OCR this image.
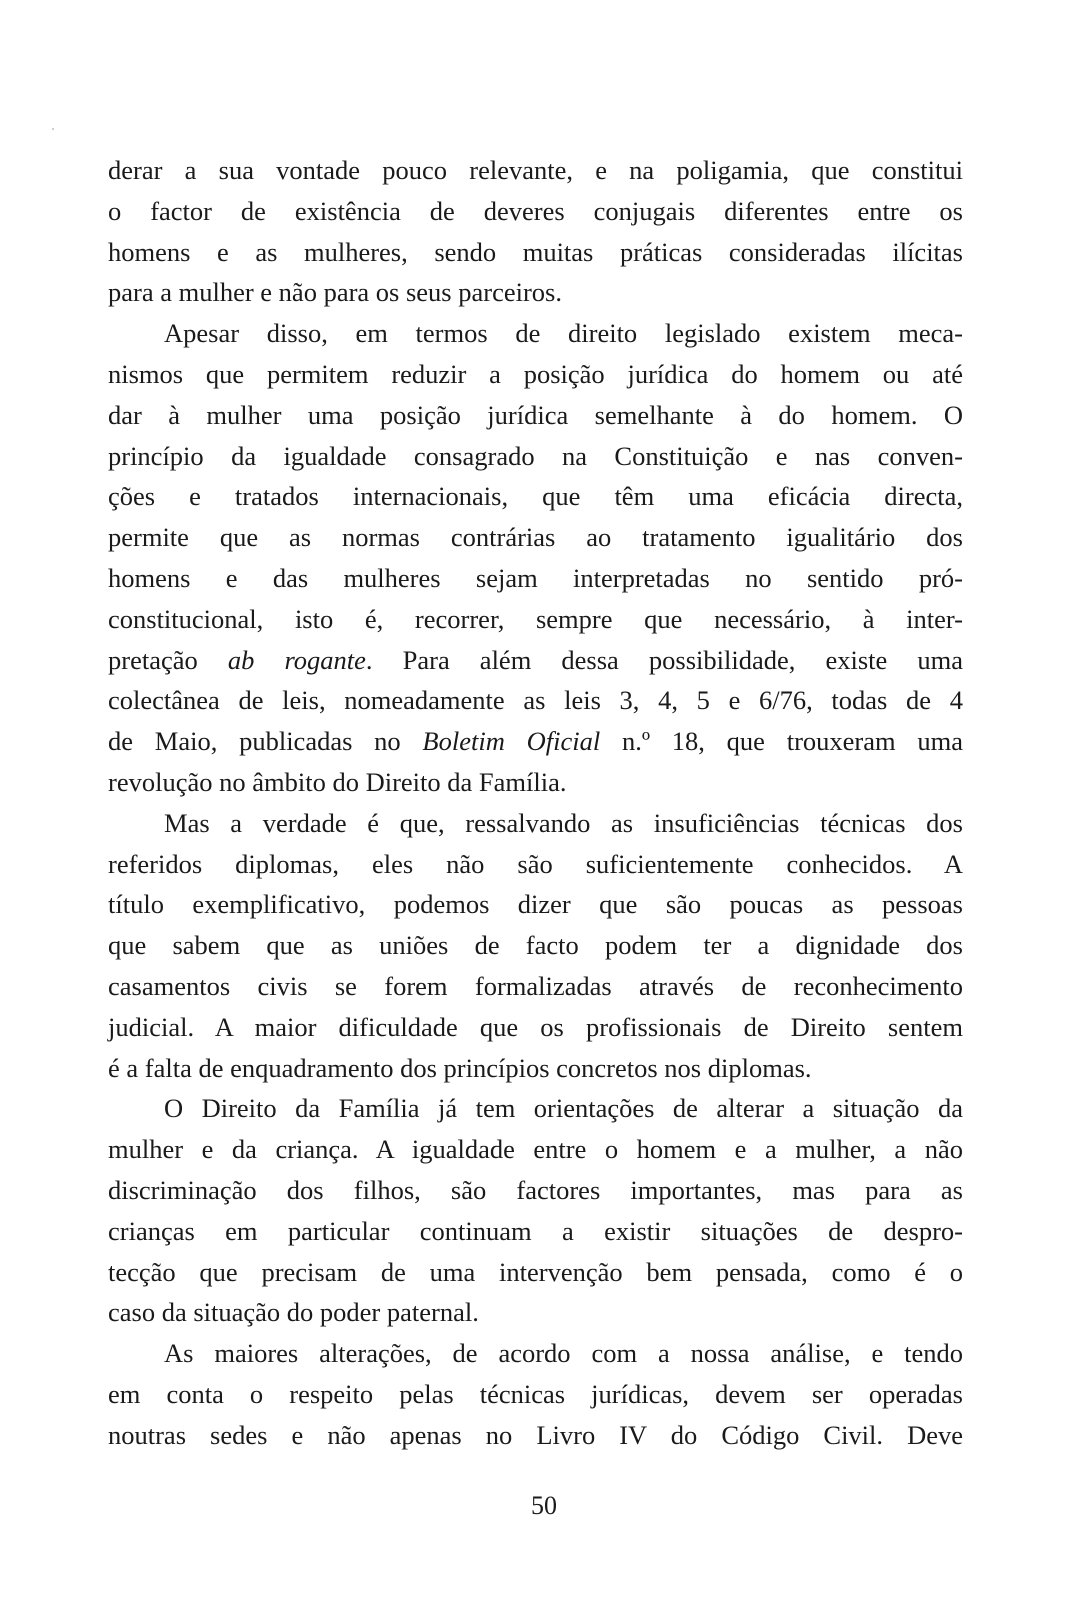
derar a sua vontade pouco relevante, e na poligamia, que constitui
o factor de existência de deveres conjugais diferentes entre os
homens e as mulheres, sendo muitas práticas consideradas ilícitas
para a mulher e não para os seus parceiros.
Apesar disso, em termos de direito legislado existem meca-
nismos que permitem reduzir a posição jurídica do homem ou até
dar à mulher uma posição jurídica semelhante à do homem. O
princípio da igualdade consagrado na Constituição e nas conven-
ções e tratados internacionais, que têm uma eficácia directa,
permite que as normas contrárias ao tratamento igualitário dos
homens e das mulheres sejam interpretadas no sentido pró-
constitucional, isto é, recorrer, sempre que necessário, à inter-
pretação ab rogante. Para além dessa possibilidade, existe uma
colectânea de leis, nomeadamente as leis 3, 4, 5 e 6/76, todas de 4
de Maio, publicadas no Boletim Oficial n.º 18, que trouxeram uma
revolução no âmbito do Direito da Família.
Mas a verdade é que, ressalvando as insuficiências técnicas dos
referidos diplomas, eles não são suficientemente conhecidos. A
título exemplificativo, podemos dizer que são poucas as pessoas
que sabem que as uniões de facto podem ter a dignidade dos
casamentos civis se forem formalizadas através de reconhecimento
judicial. A maior dificuldade que os profissionais de Direito sentem
é a falta de enquadramento dos princípios concretos nos diplomas.
O Direito da Família já tem orientações de alterar a situação da
mulher e da criança. A igualdade entre o homem e a mulher, a não
discriminação dos filhos, são factores importantes, mas para as
crianças em particular continuam a existir situações de despro-
tecção que precisam de uma intervenção bem pensada, como é o
caso da situação do poder paternal.
As maiores alterações, de acordo com a nossa análise, e tendo
em conta o respeito pelas técnicas jurídicas, devem ser operadas
noutras sedes e não apenas no Livro IV do Código Civil. Deve
50
